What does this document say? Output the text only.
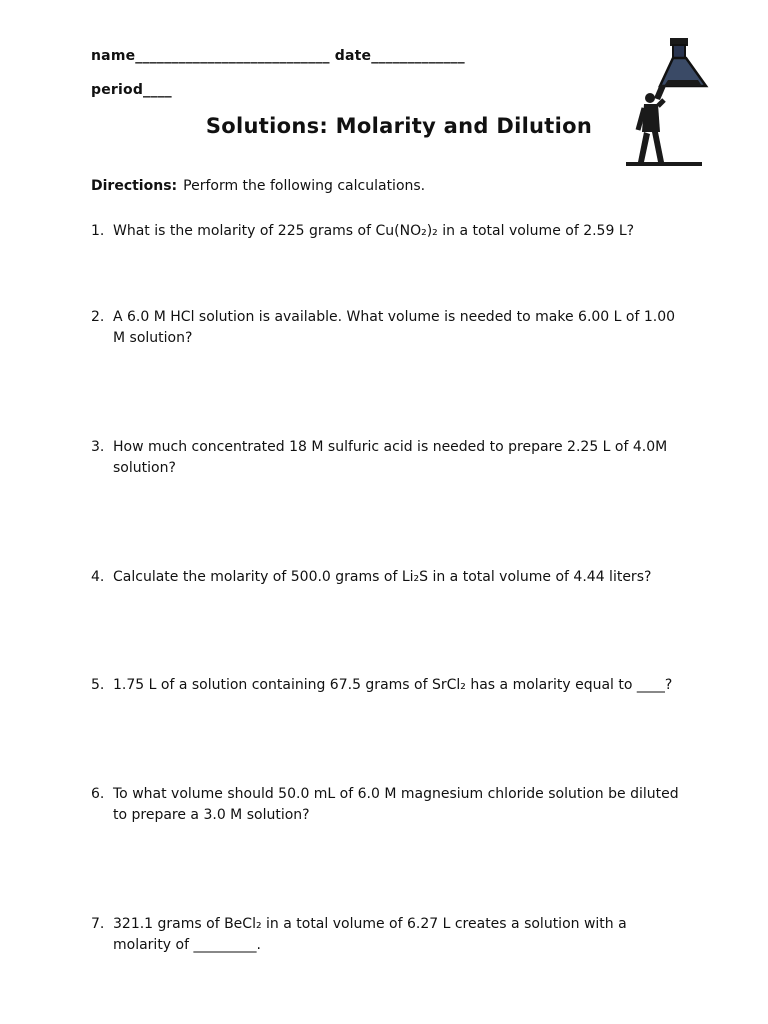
name___________________________ date_____________
period____
Solutions: Molarity and Dilution
Directions: Perform the following calculations.
1. What is the molarity of 225 grams of Cu(NO₂)₂ in a total volume of 2.59 L?
2. A 6.0 M HCl solution is available. What volume is needed to make 6.00 L of 1.00 M solution?
3. How much concentrated 18 M sulfuric acid is needed to prepare 2.25 L of 4.0M solution?
4. Calculate the molarity of 500.0 grams of Li₂S in a total volume of 4.44 liters?
5. 1.75 L of a solution containing 67.5 grams of SrCl₂ has a molarity equal to ____?
6. To what volume should 50.0 mL of 6.0 M magnesium chloride solution be diluted to prepare a 3.0 M solution?
7. 321.1 grams of BeCl₂ in a total volume of 6.27 L creates a solution with a molarity of _________.
